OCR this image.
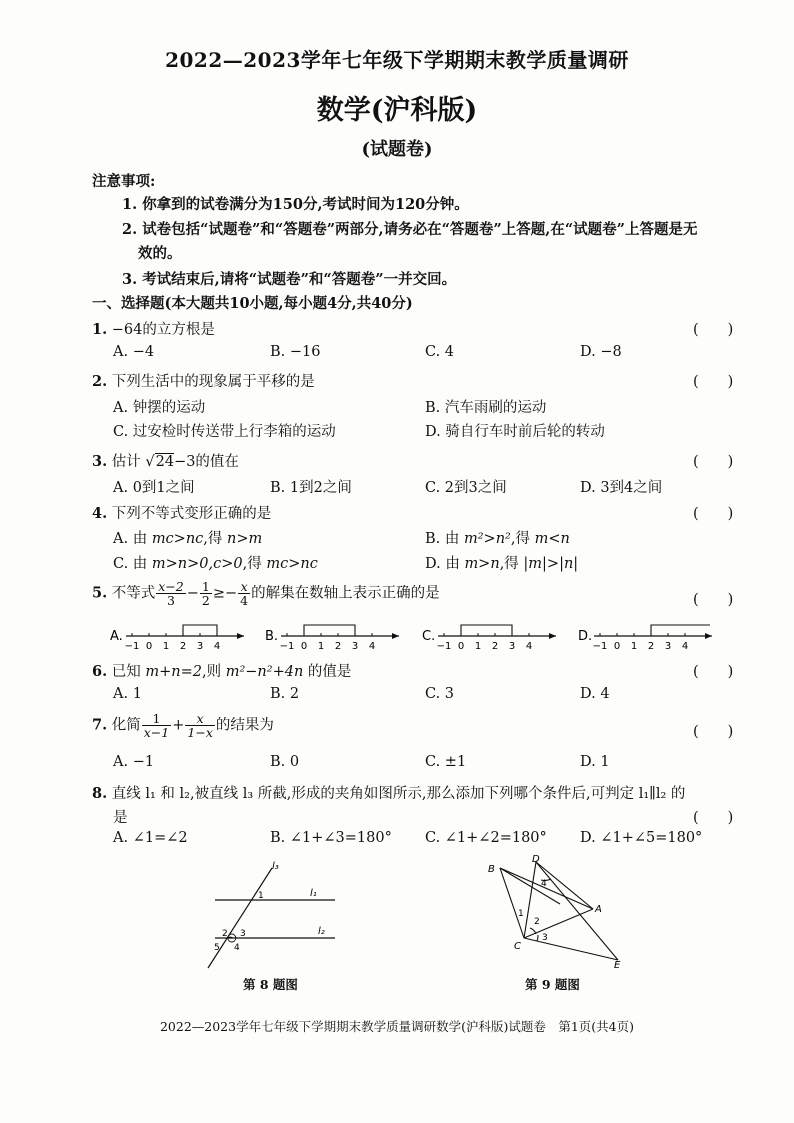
2022—2023学年七年级下学期期末教学质量调研
数学(沪科版)
(试题卷)
注意事项:
1. 你拿到的试卷满分为150分,考试时间为120分钟。
2. 试卷包括“试题卷”和“答题卷”两部分,请务必在“答题卷”上答题,在“试题卷”上答题是无
效的。
3. 考试结束后,请将“试题卷”和“答题卷”一并交回。
一、选择题(本大题共10小题,每小题4分,共40分)
1. −64的立方根是	(　　)
A. −4	B. −16	C. 4	D. −8
2. 下列生活中的现象属于平移的是	(　　)
A. 钟摆的运动	B. 汽车雨刷的运动
C. 过安检时传送带上行李箱的运动	D. 骑自行车时前后轮的转动
3. 估计 √24−3的值在	(　　)
A. 0到1之间	B. 1到2之间	C. 2到3之间	D. 3到4之间
4. 下列不等式变形正确的是	(　　)
A. 由 mc>nc,得 n>m	B. 由 m²>n²,得 m<n
C. 由 m>n>0,c>0,得 mc>nc	D. 由 m>n,得 |m|>|n|
5. 不等式 $\frac{x-2}{3} - \frac{1}{2} \ge- \frac{x}{4}$ 的解集在数轴上表示正确的是	(　　)
A.
−1 0 1 2 3 4
B.
−1 0 1 2 3 4
C.
−1 0 1 2 3 4
D.
−1 0 1 2 3 4
6. 已知 m+n=2,则 m²−n²+4n 的值是	(　　)
A. 1	B. 2	C. 3	D. 4
7. 化简 $\frac{1}{x-1} + \frac{x}{1-x}$ 的结果为	(　　)
A. −1	B. 0	C. ±1	D. 1
8. 直线 l₁ 和 l₂,被直线 l₃ 所截,形成的夹角如图所示,那么添加下列哪个条件后,可判定 l₁∥l₂ 的
是	(　　)
A. ∠1=∠2	B. ∠1+∠3=180° C. ∠1+∠2=180° D. ∠1+∠5=180°
l₃
l₁
l₂
1
2 3
4
5
第 8 题图
B
D
A
C
E
1
2
3
4
第 9 题图
2022—2023学年七年级下学期期末教学质量调研数学(沪科版)试题卷　第1页(共4页)
